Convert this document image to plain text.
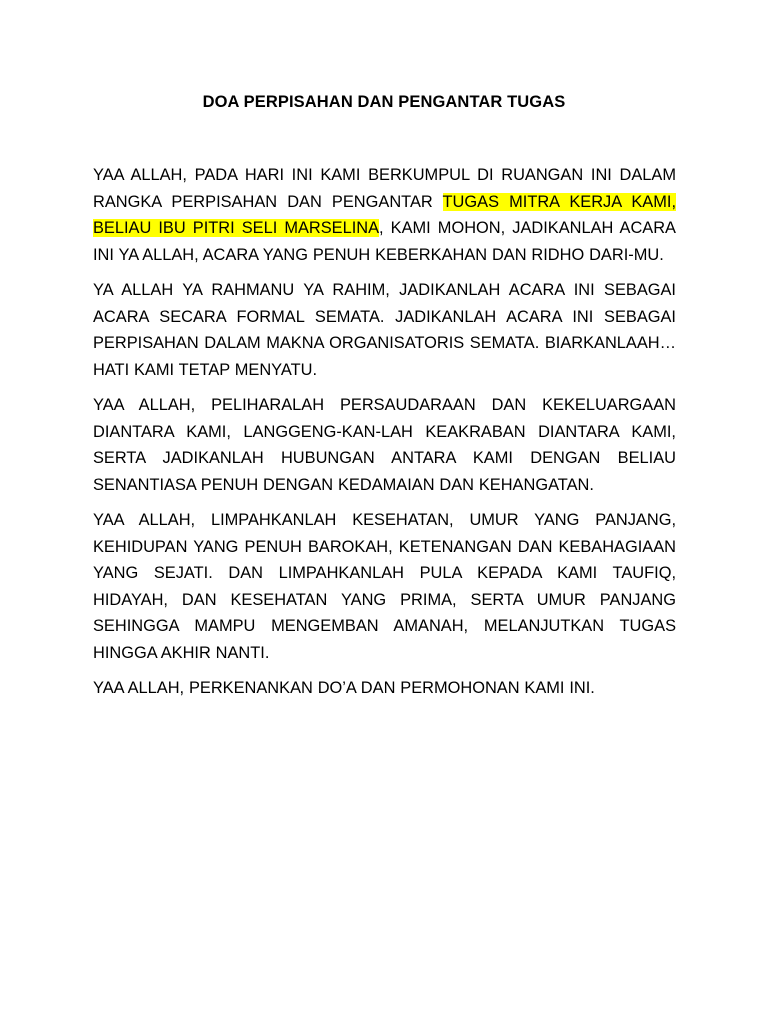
DOA PERPISAHAN DAN PENGANTAR TUGAS

YAA ALLAH, PADA HARI INI KAMI BERKUMPUL DI RUANGAN INI DALAM RANGKA PERPISAHAN DAN PENGANTAR TUGAS MITRA KERJA KAMI, BELIAU IBU PITRI SELI MARSELINA, KAMI MOHON, JADIKANLAH ACARA INI YA ALLAH, ACARA YANG PENUH KEBERKAHAN DAN RIDHO DARI-MU.

YA ALLAH YA RAHMANU YA RAHIM, JADIKANLAH ACARA INI SEBAGAI ACARA SECARA FORMAL SEMATA. JADIKANLAH ACARA INI SEBAGAI PERPISAHAN DALAM MAKNA ORGANISATORIS SEMATA. BIARKANLAAH… HATI KAMI TETAP MENYATU.

YAA ALLAH, PELIHARALAH PERSAUDARAAN DAN KEKELUARGAAN DIANTARA KAMI, LANGGENG-KAN-LAH KEAKRABAN DIANTARA KAMI, SERTA JADIKANLAH HUBUNGAN ANTARA KAMI DENGAN BELIAU SENANTIASA PENUH DENGAN KEDAMAIAN DAN KEHANGATAN.

YAA ALLAH, LIMPAHKANLAH KESEHATAN, UMUR YANG PANJANG, KEHIDUPAN YANG PENUH BAROKAH, KETENANGAN DAN KEBAHAGIAAN YANG SEJATI. DAN LIMPAHKANLAH PULA KEPADA KAMI TAUFIQ, HIDAYAH, DAN KESEHATAN YANG PRIMA, SERTA UMUR PANJANG SEHINGGA MAMPU MENGEMBAN AMANAH, MELANJUTKAN TUGAS HINGGA AKHIR NANTI.

YAA ALLAH, PERKENANKAN DO’A DAN PERMOHONAN KAMI INI.
